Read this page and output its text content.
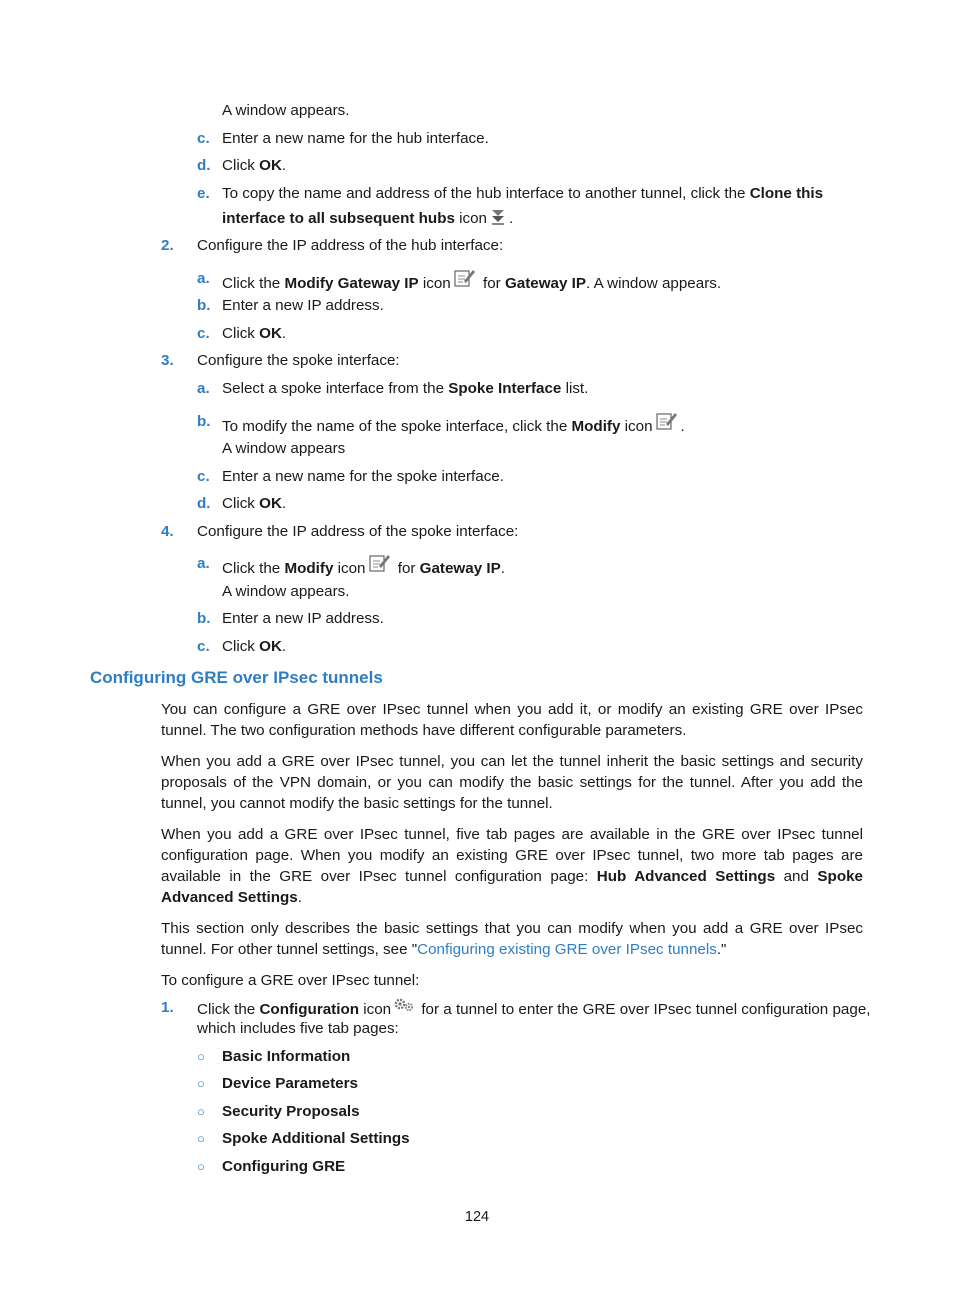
A window appears.
c. Enter a new name for the hub interface.
d. Click OK.
e. To copy the name and address of the hub interface to another tunnel, click the Clone this
interface to all subsequent hubs icon .
2. Configure the IP address of the hub interface:
a. Click the Modify Gateway IP icon for Gateway IP. A window appears.
b. Enter a new IP address.
c. Click OK.
3. Configure the spoke interface:
a. Select a spoke interface from the Spoke Interface list.
b. To modify the name of the spoke interface, click the Modify icon .
A window appears
c. Enter a new name for the spoke interface.
d. Click OK.
4. Configure the IP address of the spoke interface:
a. Click the Modify icon for Gateway IP.
A window appears.
b. Enter a new IP address.
c. Click OK.
Configuring GRE over IPsec tunnels
You can configure a GRE over IPsec tunnel when you add it, or modify an existing GRE over IPsec tunnel. The two configuration methods have different configurable parameters.
When you add a GRE over IPsec tunnel, you can let the tunnel inherit the basic settings and security proposals of the VPN domain, or you can modify the basic settings for the tunnel. After you add the tunnel, you cannot modify the basic settings for the tunnel.
When you add a GRE over IPsec tunnel, five tab pages are available in the GRE over IPsec tunnel configuration page. When you modify an existing GRE over IPsec tunnel, two more tab pages are available in the GRE over IPsec tunnel configuration page: Hub Advanced Settings and Spoke Advanced Settings.
This section only describes the basic settings that you can modify when you add a GRE over IPsec tunnel. For other tunnel settings, see "Configuring existing GRE over IPsec tunnels."
To configure a GRE over IPsec tunnel:
1. Click the Configuration icon for a tunnel to enter the GRE over IPsec tunnel configuration page,
which includes five tab pages:
○ Basic Information
○ Device Parameters
○ Security Proposals
○ Spoke Additional Settings
○ Configuring GRE
124
